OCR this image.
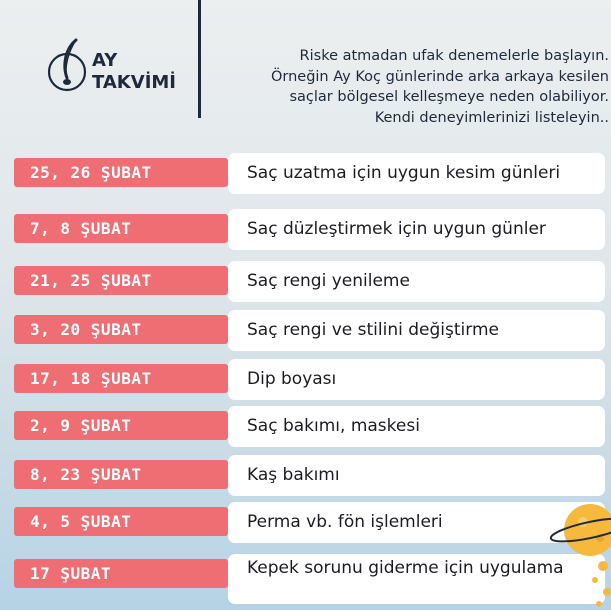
AY
TAKVİMİ
Riske atmadan ufak denemelerle başlayın.
Örneğin Ay Koç günlerinde arka arkaya kesilen
saçlar bölgesel kelleşmeye neden olabiliyor.
Kendi deneyimlerinizi listeleyin..
25, 26 ŞUBAT	Saç uzatma için uygun kesim günleri
7, 8 ŞUBAT	Saç düzleştirmek için uygun günler
21, 25 ŞUBAT	Saç rengi yenileme
3, 20 ŞUBAT	Saç rengi ve stilini değiştirme
17, 18 ŞUBAT	Dip boyası
2, 9 ŞUBAT	Saç bakımı, maskesi
8, 23 ŞUBAT	Kaş bakımı
4, 5 ŞUBAT	Perma vb. fön işlemleri
17 ŞUBAT	Kepek sorunu giderme için uygulama
